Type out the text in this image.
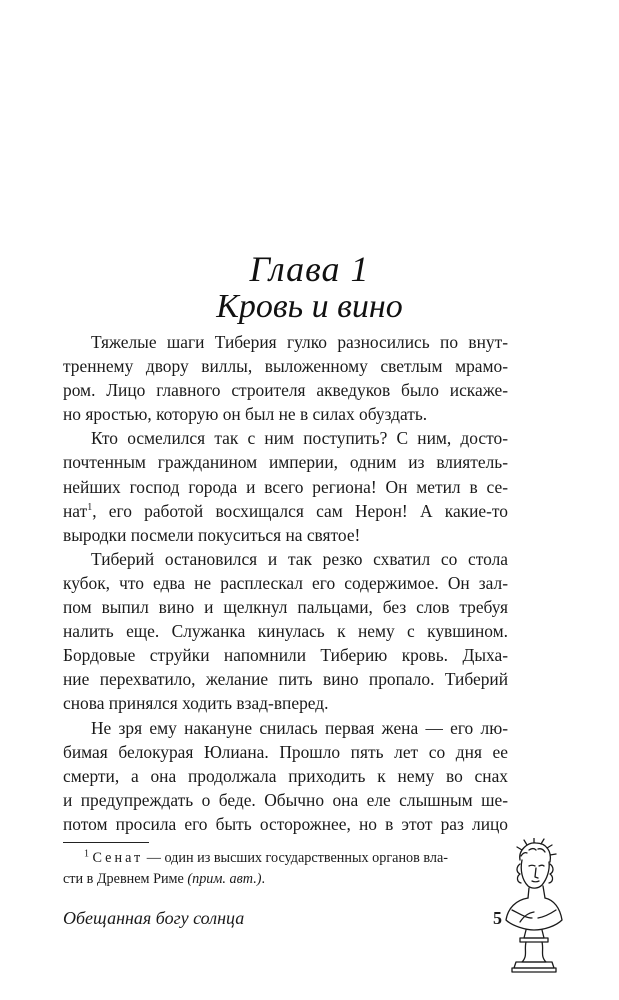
Глава 1
Кровь и вино
Тяжелые шаги Тиберия гулко разносились по внут-
треннему двору виллы, выложенному светлым мрамо-
ром. Лицо главного строителя акведуков было искаже-
но яростью, которую он был не в силах обуздать.
Кто осмелился так с ним поступить? С ним, досто-
почтенным гражданином империи, одним из влиятель-
нейших господ города и всего региона! Он метил в се-
нат$^1$, его работой восхищался сам Нерон! А какие-то
выродки посмели покуситься на святое!
Тиберий остановился и так резко схватил со стола
кубок, что едва не расплескал его содержимое. Он зал-
пом выпил вино и щелкнул пальцами, без слов требуя
налить еще. Служанка кинулась к нему с кувшином.
Бордовые струйки напомнили Тиберию кровь. Дыха-
ние перехватило, желание пить вино пропало. Тиберий
снова принялся ходить взад-вперед.
Не зря ему накануне снилась первая жена — его лю-
бимая белокурая Юлиана. Прошло пять лет со дня ее
смерти, а она продолжала приходить к нему во снах
и предупреждать о беде. Обычно она еле слышным ше-
потом просила его быть осторожнее, но в этот раз лицо
$^1$ Сенат — один из высших государственных органов вла-
сти в Древнем Риме (прим. авт.).
Обещанная богу солнца	5
